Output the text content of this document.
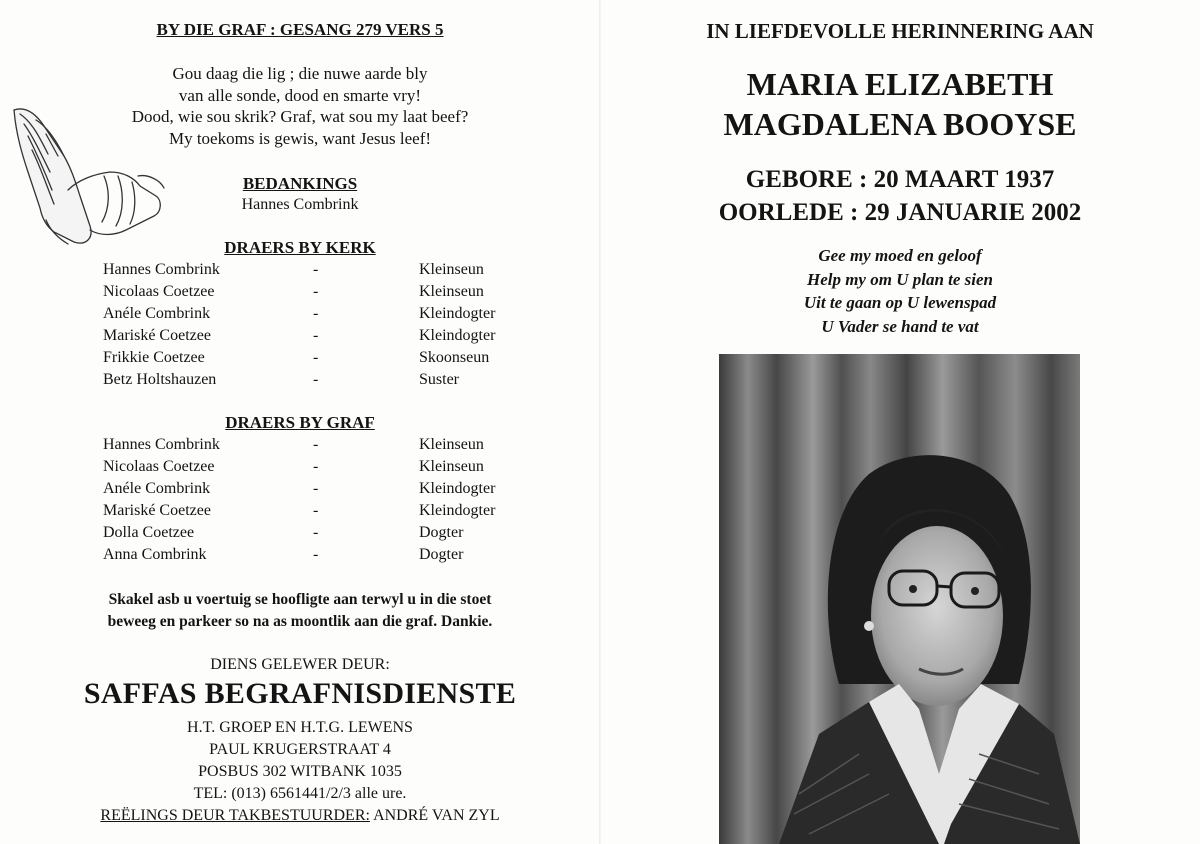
BY DIE GRAF : GESANG 279 VERS 5
Gou daag die lig ; die nuwe aarde bly
van alle sonde, dood en smarte vry!
Dood, wie sou skrik? Graf, wat sou my laat beef?
My toekoms is gewis, want Jesus leef!
BEDANKINGS
Hannes Combrink
DRAERS BY KERK
Hannes Combrink	-	Kleinseun
Nicolaas Coetzee	-	Kleinseun
Anéle Combrink	-	Kleindogter
Mariské Coetzee	-	Kleindogter
Frikkie Coetzee	-	Skoonseun
Betz Holtshauzen	-	Suster
DRAERS BY GRAF
Hannes Combrink	-	Kleinseun
Nicolaas Coetzee	-	Kleinseun
Anéle Combrink	-	Kleindogter
Mariské Coetzee	-	Kleindogter
Dolla Coetzee	-	Dogter
Anna Combrink	-	Dogter
Skakel asb u voertuig se hoofligte aan terwyl u in die stoet
beweeg en parkeer so na as moontlik aan die graf. Dankie.
DIENS GELEWER DEUR:
SAFFAS BEGRAFNISDIENSTE
H.T. GROEP EN H.T.G. LEWENS
PAUL KRUGERSTRAAT 4
POSBUS 302 WITBANK 1035
TEL: (013) 6561441/2/3 alle ure.
REËLINGS DEUR TAKBESTUURDER: ANDRÉ VAN ZYL
IN LIEFDEVOLLE HERINNERING AAN
MARIA ELIZABETH
MAGDALENA BOOYSE
GEBORE : 20 MAART 1937
OORLEDE : 29 JANUARIE 2002
Gee my moed en geloof
Help my om U plan te sien
Uit te gaan op U lewenspad
U Vader se hand te vat
